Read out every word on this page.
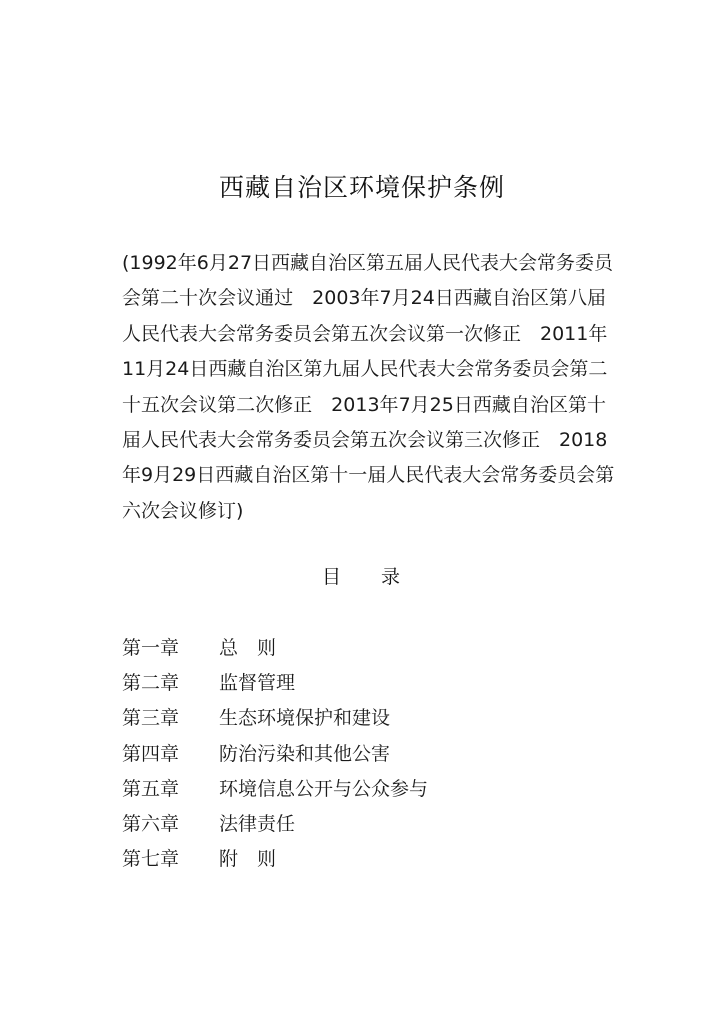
西藏自治区环境保护条例
(1992年6月27日西藏自治区第五届人民代表大会常务委员
会第二十次会议通过　2003年7月24日西藏自治区第八届
人民代表大会常务委员会第五次会议第一次修正　2011年
11月24日西藏自治区第九届人民代表大会常务委员会第二
十五次会议第二次修正　2013年7月25日西藏自治区第十
届人民代表大会常务委员会第五次会议第三次修正　2018
年9月29日西藏自治区第十一届人民代表大会常务委员会第
六次会议修订)
目 录
第一章 总　则
第二章 监督管理
第三章 生态环境保护和建设
第四章 防治污染和其他公害
第五章 环境信息公开与公众参与
第六章 法律责任
第七章 附　则
